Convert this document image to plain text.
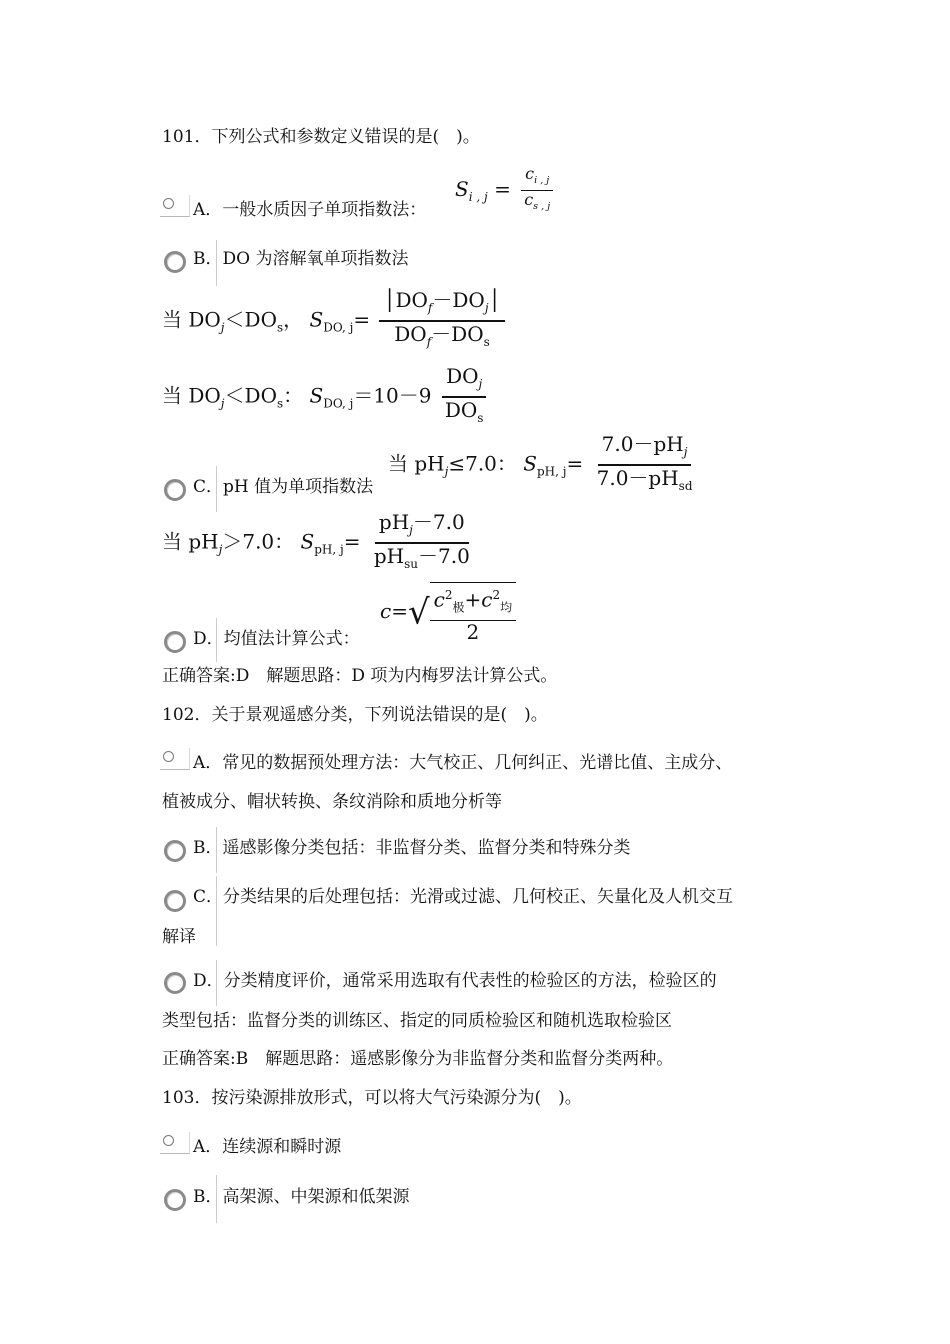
101．下列公式和参数定义错误的是(　)。
A．一般水质因子单项指数法：
$S_{i , j} = \frac{c_{i , j}}{c_{s , j}}$
B．DO 为溶解氧单项指数法
当 $DO_j<DO_s$， $S_{DO, j}= \frac{│DO_f-DO_j│}{DO_f-DO_s}$
当 $DO_j<DO_s$： $S_{DO, j}=10-9 \frac{DO_j}{DO_s}$
当 $pH_j\le 7.0$： $S_{pH, j}= \frac{7.0-pH_j}{7.0-pH_{sd}}$
C．pH 值为单项指数法
当 $pH_j>7.0$： $S_{pH, j}= \frac{pH_j-7.0}{pH_{su}-7.0}$
c=√ $c^2_极+c^2_均$
2
D．均值法计算公式：
正确答案:D　解题思路：D 项为内梅罗法计算公式。
102．关于景观遥感分类，下列说法错误的是(　)。
A．常见的数据预处理方法：大气校正、几何纠正、光谱比值、主成分、
植被成分、帽状转换、条纹消除和质地分析等
B．遥感影像分类包括：非监督分类、监督分类和特殊分类
C．分类结果的后处理包括：光滑或过滤、几何校正、矢量化及人机交互
解译
D．分类精度评价，通常采用选取有代表性的检验区的方法，检验区的
类型包括：监督分类的训练区、指定的同质检验区和随机选取检验区
正确答案:B　解题思路：遥感影像分为非监督分类和监督分类两种。
103．按污染源排放形式，可以将大气污染源分为(　)。
A．连续源和瞬时源
B．高架源、中架源和低架源
